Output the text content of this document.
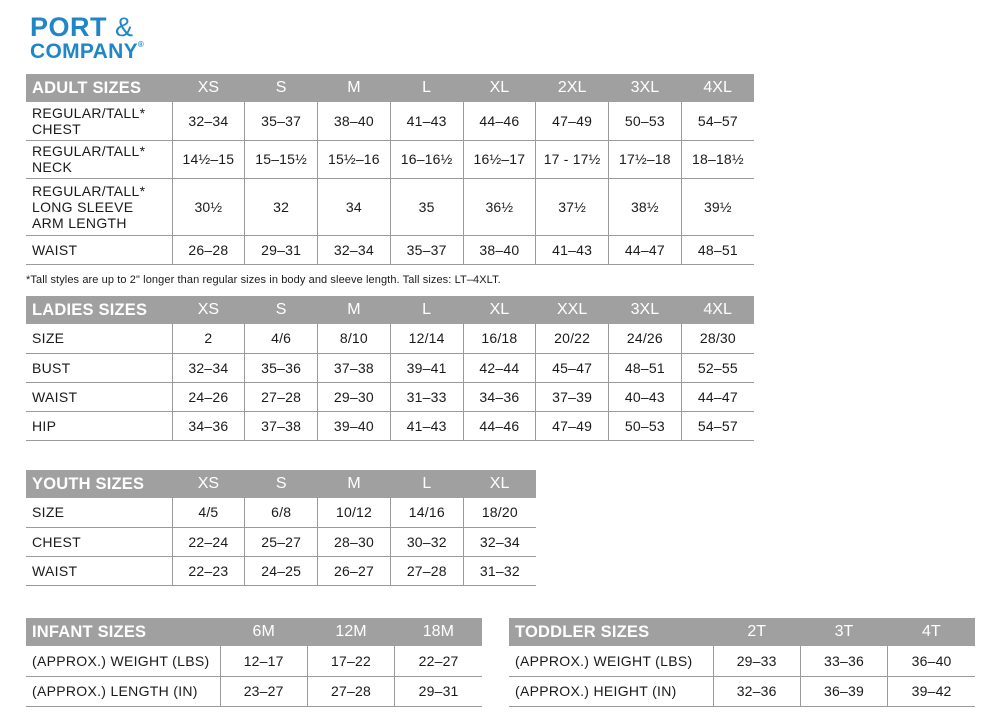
PORT &
COMPANY®
ADULT SIZES	XS	S	M	L	XL	2XL	3XL	4XL
REGULAR/TALL*
CHEST	32–34	35–37	38–40	41–43	44–46	47–49	50–53	54–57
REGULAR/TALL*
NECK	14½–15	15–15½	15½–16	16–16½	16½–17	17 - 17½	17½–18	18–18½
REGULAR/TALL*
LONG SLEEVE
ARM LENGTH	30½	32	34	35	36½	37½	38½	39½
WAIST	26–28	29–31	32–34	35–37	38–40	41–43	44–47	48–51
*Tall styles are up to 2" longer than regular sizes in body and sleeve length. Tall sizes: LT–4XLT.
LADIES SIZES	XS	S	M	L	XL	XXL	3XL	4XL
SIZE	2	4/6	8/10	12/14	16/18	20/22	24/26	28/30
BUST	32–34	35–36	37–38	39–41	42–44	45–47	48–51	52–55
WAIST	24–26	27–28	29–30	31–33	34–36	37–39	40–43	44–47
HIP	34–36	37–38	39–40	41–43	44–46	47–49	50–53	54–57
YOUTH SIZES	XS	S	M	L	XL
SIZE	4/5	6/8	10/12	14/16	18/20
CHEST	22–24	25–27	28–30	30–32	32–34
WAIST	22–23	24–25	26–27	27–28	31–32
INFANT SIZES	6M	12M	18M
(APPROX.) WEIGHT (LBS)	12–17	17–22	22–27
(APPROX.) LENGTH (IN)	23–27	27–28	29–31
TODDLER SIZES	2T	3T	4T
(APPROX.) WEIGHT (LBS)	29–33	33–36	36–40
(APPROX.) HEIGHT (IN)	32–36	36–39	39–42
